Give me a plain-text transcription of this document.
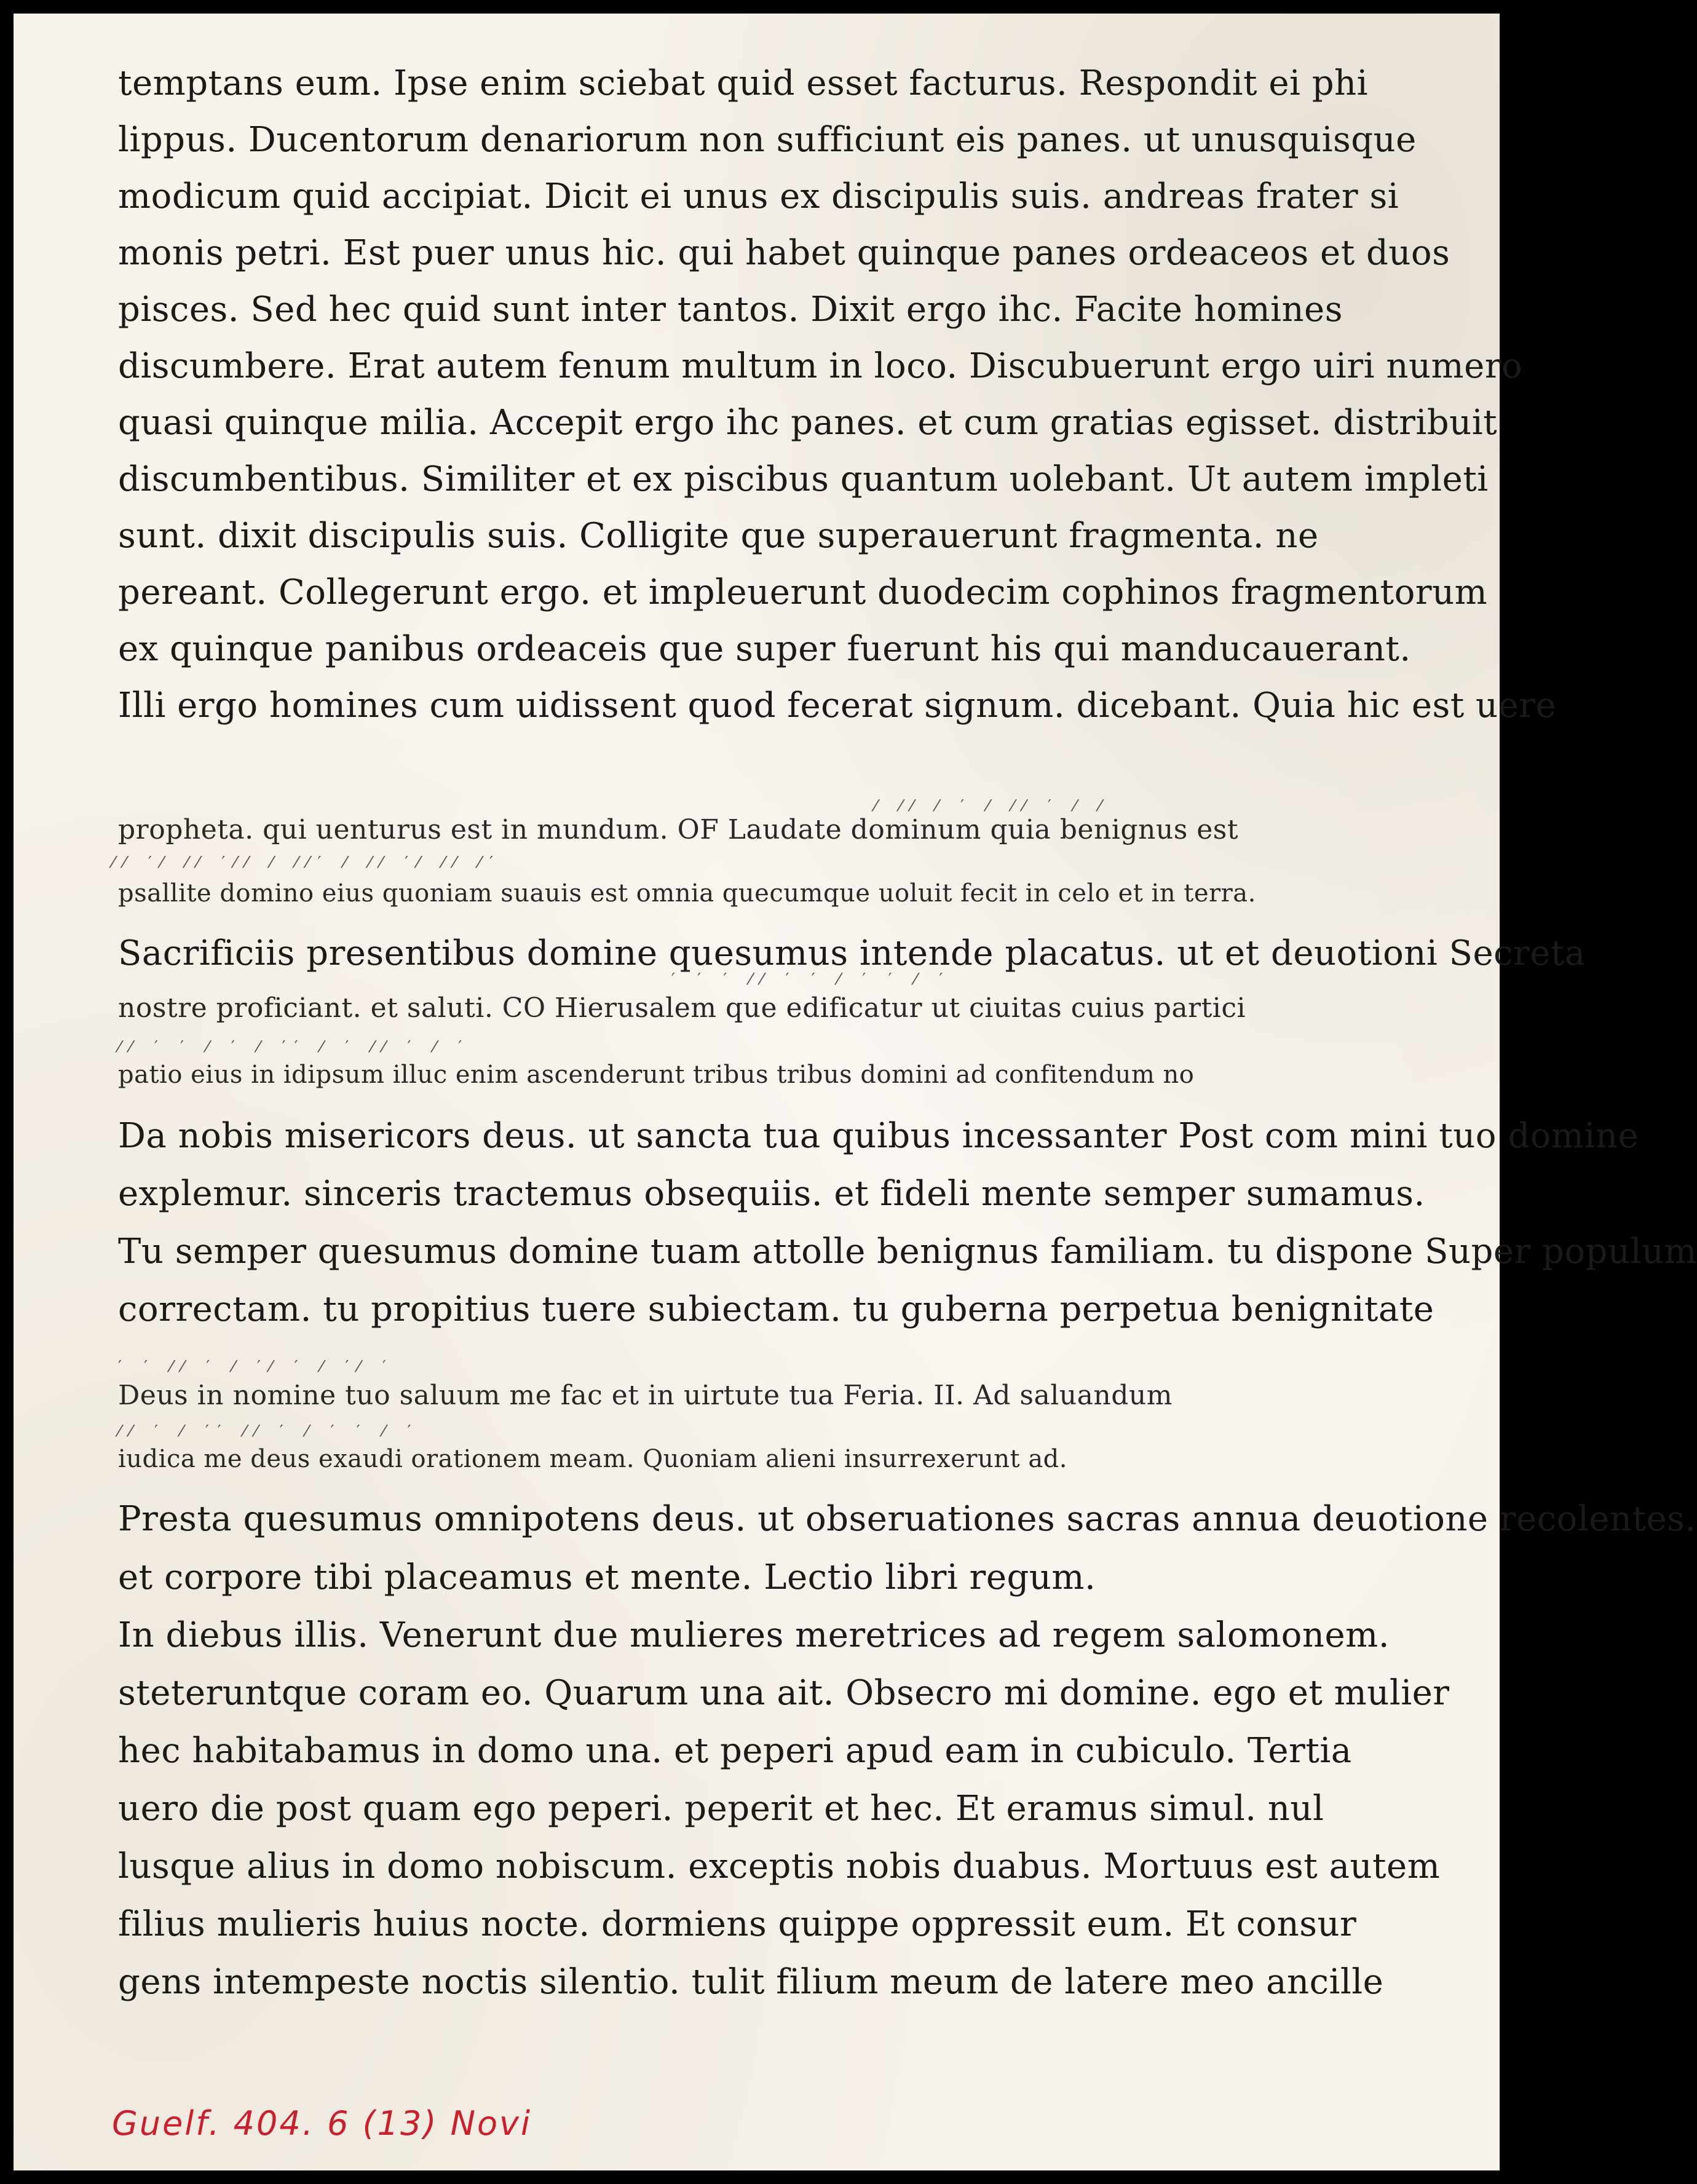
⁄ ⁄⁄ ⁄ ′ ⁄ ⁄⁄ ′ ⁄ ⁄
⁄⁄ ′⁄ ⁄⁄ ′⁄⁄ ⁄ ⁄⁄′ ⁄ ⁄⁄ ′⁄ ⁄⁄ ⁄′
′ ′ ′ ⁄⁄ ′ ′ ⁄ ′ ′ ⁄ ′
⁄⁄ ′ ′ ⁄ ′ ⁄ ′′ ⁄ ′ ⁄⁄ ′ ⁄ ′
′ ′ ⁄⁄ ′ ⁄ ′⁄ ′ ⁄ ′⁄ ′
⁄⁄ ′ ⁄ ′′ ⁄⁄ ′ ⁄ ′ ′ ⁄ ′
temptans eum. Ipse enim sciebat quid esset facturus. Respondit ei phi
lippus. Ducentorum denariorum non sufficiunt eis panes. ut unusquisque
modicum quid accipiat. Dicit ei unus ex discipulis suis. andreas frater si
monis petri. Est puer unus hic. qui habet quinque panes ordeaceos et duos
pisces. Sed hec quid sunt inter tantos. Dixit ergo ihc. Facite homines
discumbere. Erat autem fenum multum in loco. Discubuerunt ergo uiri numero
quasi quinque milia. Accepit ergo ihc panes. et cum gratias egisset. distribuit
discumbentibus. Similiter et ex piscibus quantum uolebant. Ut autem impleti
sunt. dixit discipulis suis. Colligite que superauerunt fragmenta. ne
pereant. Collegerunt ergo. et impleuerunt duodecim cophinos fragmentorum
ex quinque panibus ordeaceis que super fuerunt his qui manducauerant.
Illi ergo homines cum uidissent quod fecerat signum. dicebant. Quia hic est uere
propheta. qui uenturus est in mundum. OF Laudate dominum quia benignus est
psallite domino eius quoniam suauis est omnia quecumque uoluit fecit in celo et in terra.
Sacrificiis presentibus domine quesumus intende placatus. ut et deuotioni Secreta
nostre proficiant. et saluti. CO Hierusalem que edificatur ut ciuitas cuius partici
patio eius in idipsum illuc enim ascenderunt tribus tribus domini ad confitendum no
Da nobis misericors deus. ut sancta tua quibus incessanter Post com mini tuo domine
explemur. sinceris tractemus obsequiis. et fideli mente semper sumamus.
Tu semper quesumus domine tuam attolle benignus familiam. tu dispone Super populum
correctam. tu propitius tuere subiectam. tu guberna perpetua benignitate
Deus in nomine tuo saluum me fac et in uirtute tua Feria. II. Ad saluandum
iudica me deus exaudi orationem meam. Quoniam alieni insurrexerunt ad.
Presta quesumus omnipotens deus. ut obseruationes sacras annua deuotione recolentes.
et corpore tibi placeamus et mente. Lectio libri regum.
In diebus illis. Venerunt due mulieres meretrices ad regem salomonem.
steteruntque coram eo. Quarum una ait. Obsecro mi domine. ego et mulier
hec habitabamus in domo una. et peperi apud eam in cubiculo. Tertia
uero die post quam ego peperi. peperit et hec. Et eramus simul. nul
lusque alius in domo nobiscum. exceptis nobis duabus. Mortuus est autem
filius mulieris huius nocte. dormiens quippe oppressit eum. Et consur
gens intempeste noctis silentio. tulit filium meum de latere meo ancille
Guelf. 404. 6 (13) Novi
